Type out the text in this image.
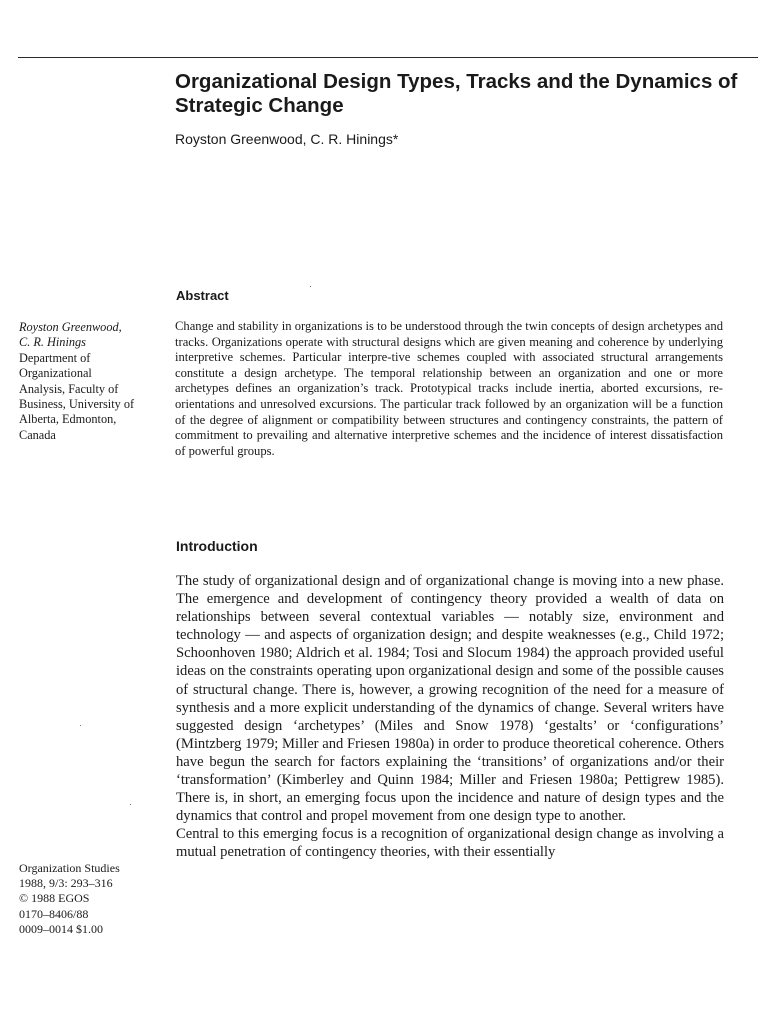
Organizational Design Types, Tracks and the Dynamics of Strategic Change

Royston Greenwood, C. R. Hinings*

Abstract
Royston Greenwood,
C. R. Hinings
Department of
Organizational
Analysis, Faculty of
Business, University of
Alberta, Edmonton,
Canada

Change and stability in organizations is to be understood through the twin concepts of design archetypes and tracks. Organizations operate with structural designs which are given meaning and coherence by underlying interpretive schemes. Particular interpre-tive schemes coupled with associated structural arrangements constitute a design archetype. The temporal relationship between an organization and one or more archetypes defines an organization’s track. Prototypical tracks include inertia, aborted excursions, re-orientations and unresolved excursions. The particular track followed by an organization will be a function of the degree of alignment or compatibility between structures and contingency constraints, the pattern of commitment to prevailing and alternative interpretive schemes and the incidence of interest dissatisfaction of powerful groups.

Introduction

The study of organizational design and of organizational change is moving into a new phase. The emergence and development of contingency theory provided a wealth of data on relationships between several contextual variables — notably size, environment and technology — and aspects of organization design; and despite weaknesses (e.g., Child 1972; Schoonhoven 1980; Aldrich et al. 1984; Tosi and Slocum 1984) the approach provided useful ideas on the constraints operating upon organizational design and some of the possible causes of structural change. There is, however, a growing recognition of the need for a measure of synthesis and a more explicit understanding of the dynamics of change. Several writers have suggested design ‘archetypes’ (Miles and Snow 1978) ‘gestalts’ or ‘configurations’ (Mintzberg 1979; Miller and Friesen 1980a) in order to produce theoretical coherence. Others have begun the search for factors explaining the ‘transitions’ of organizations and/or their ‘transformation’ (Kimberley and Quinn 1984; Miller and Friesen 1980a; Pettigrew 1985). There is, in short, an emerging focus upon the incidence and nature of design types and the dynamics that control and propel movement from one design type to another.

Central to this emerging focus is a recognition of organizational design change as involving a mutual penetration of contingency theories, with their essentially

Organization Studies
1988, 9/3: 293–316
© 1988 EGOS
0170–8406/88
0009–0014 $1.00
